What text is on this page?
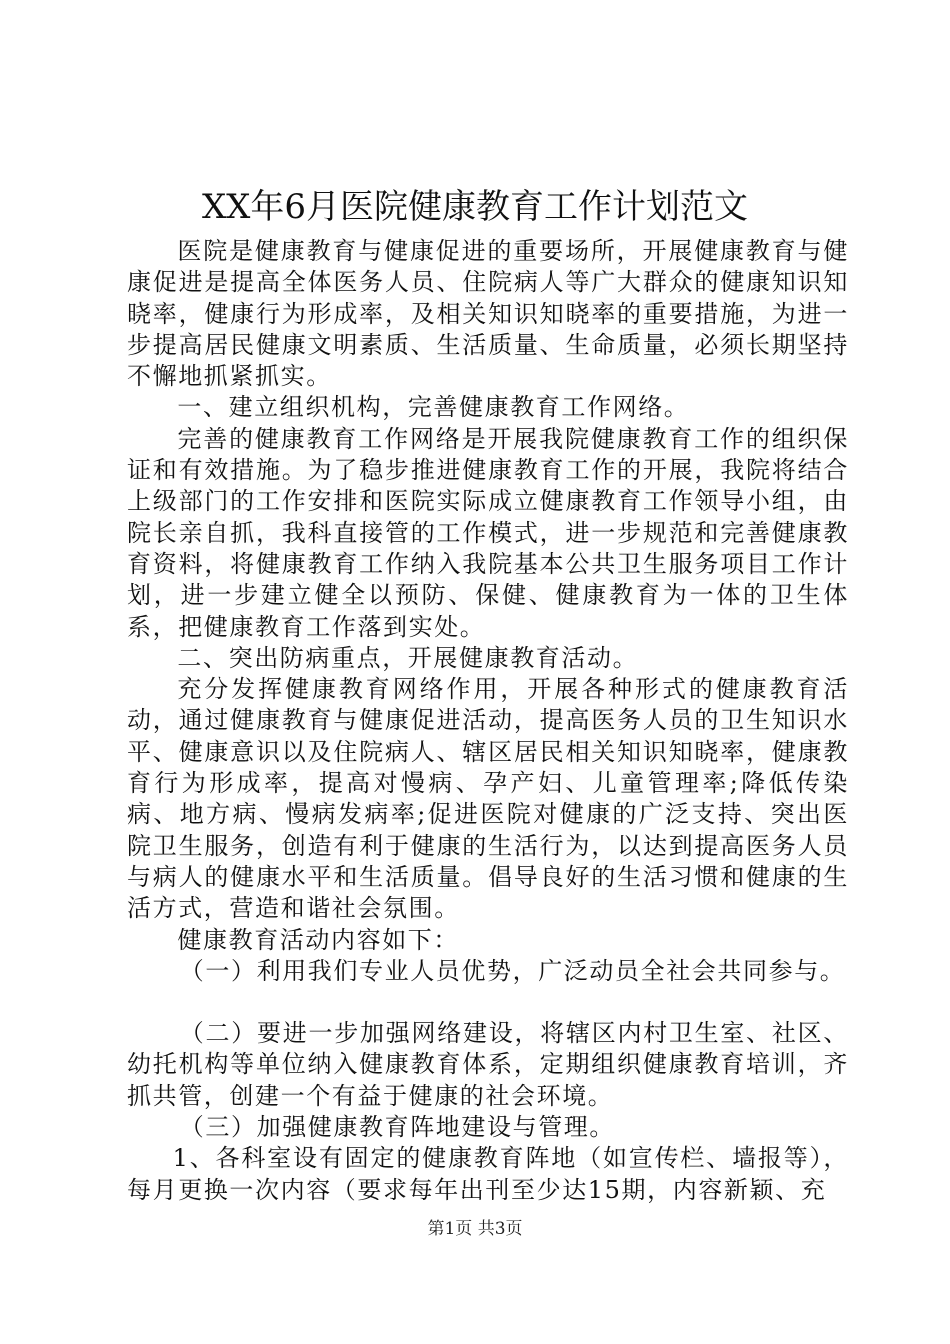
XX年6月医院健康教育工作计划范文

医院是健康教育与健康促进的重要场所，开展健康教育与健康促进是提高全体医务人员、住院病人等广大群众的健康知识知晓率，健康行为形成率，及相关知识知晓率的重要措施，为进一步提高居民健康文明素质、生活质量、生命质量，必须长期坚持不懈地抓紧抓实。

一、建立组织机构，完善健康教育工作网络。

完善的健康教育工作网络是开展我院健康教育工作的组织保证和有效措施。为了稳步推进健康教育工作的开展，我院将结合上级部门的工作安排和医院实际成立健康教育工作领导小组，由院长亲自抓，我科直接管的工作模式，进一步规范和完善健康教育资料，将健康教育工作纳入我院基本公共卫生服务项目工作计划，进一步建立健全以预防、保健、健康教育为一体的卫生体系，把健康教育工作落到实处。

二、突出防病重点，开展健康教育活动。

充分发挥健康教育网络作用，开展各种形式的健康教育活动，通过健康教育与健康促进活动，提高医务人员的卫生知识水平、健康意识以及住院病人、辖区居民相关知识知晓率，健康教育行为形成率，提高对慢病、孕产妇、儿童管理率;降低传染病、地方病、慢病发病率;促进医院对健康的广泛支持、突出医院卫生服务，创造有利于健康的生活行为，以达到提高医务人员与病人的健康水平和生活质量。倡导良好的生活习惯和健康的生活方式，营造和谐社会氛围。

健康教育活动内容如下：

（一）利用我们专业人员优势，广泛动员全社会共同参与。

（二）要进一步加强网络建设，将辖区内村卫生室、社区、幼托机构等单位纳入健康教育体系，定期组织健康教育培训，齐抓共管，创建一个有益于健康的社会环境。

（三）加强健康教育阵地建设与管理。

1、各科室设有固定的健康教育阵地（如宣传栏、墙报等），每月更换一次内容（要求每年出刊至少达15期，内容新颖、充

第1页 共3页
